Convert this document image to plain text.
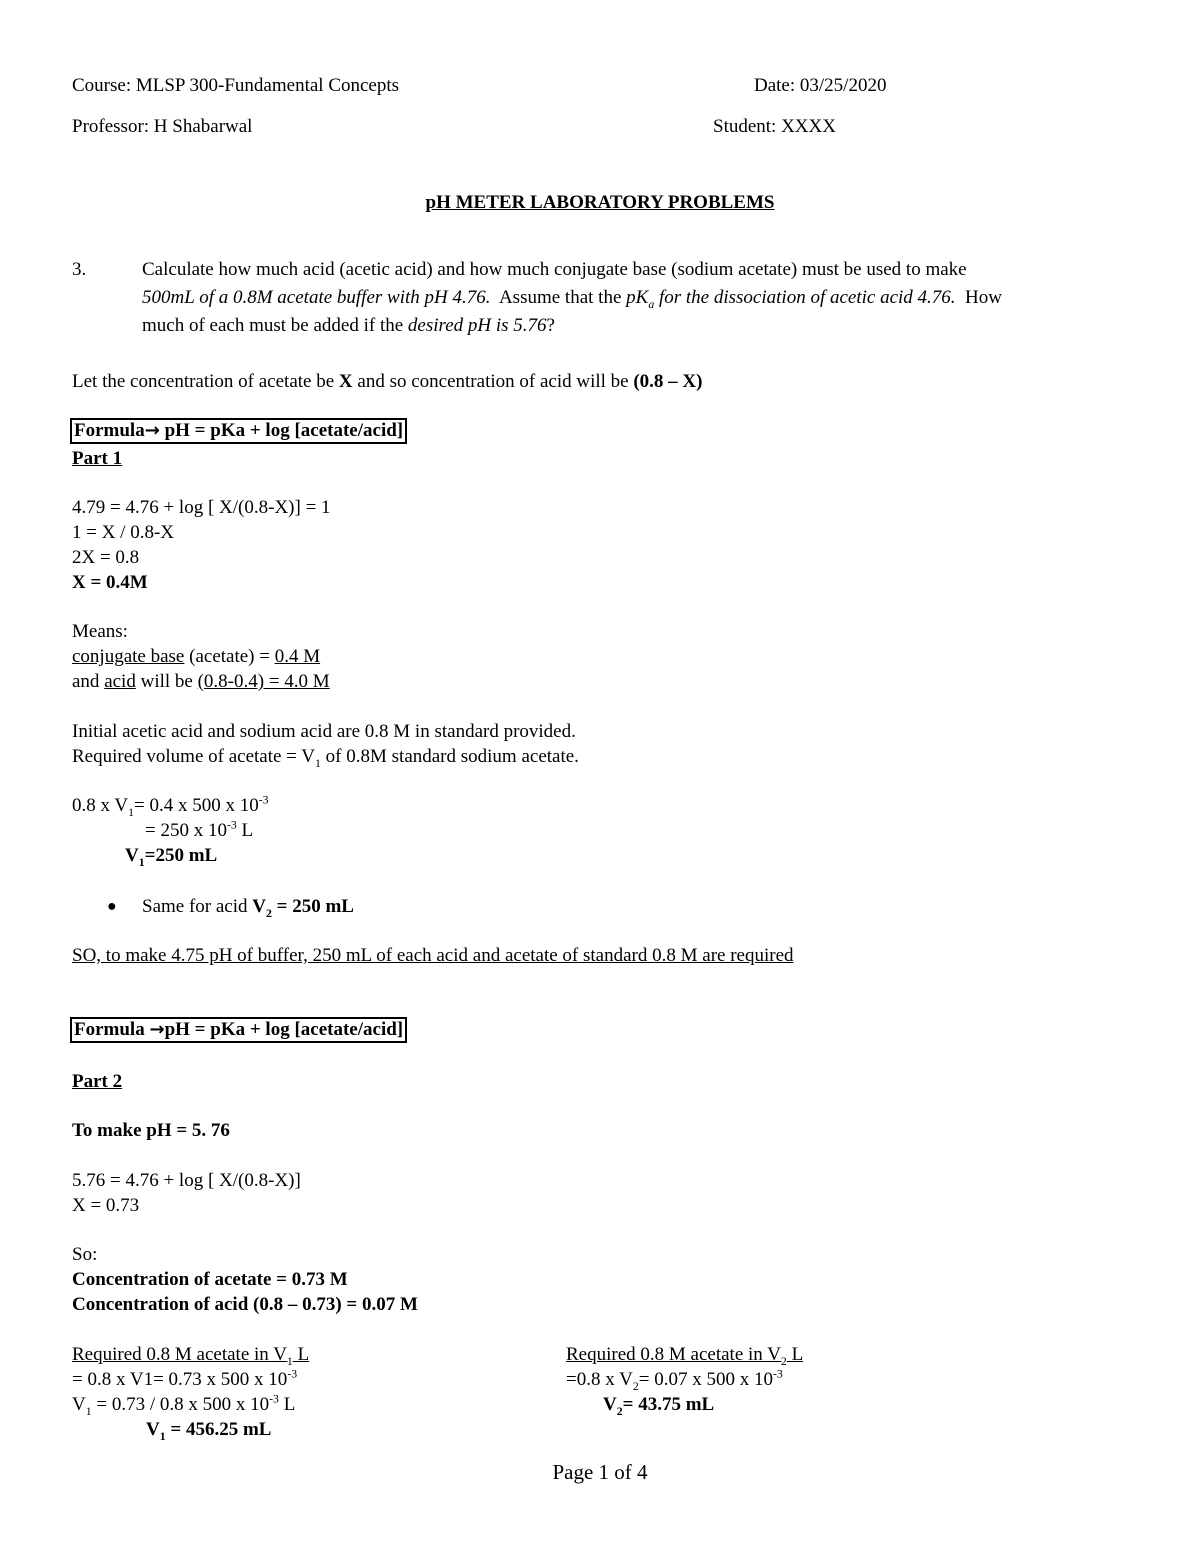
Course: MLSP 300-Fundamental Concepts	Date: 03/25/2020
Professor: H Shabarwal	Student: XXXX
pH METER LABORATORY PROBLEMS
3.	Calculate how much acid (acetic acid) and how much conjugate base (sodium acetate) must be used to make
500mL of a 0.8M acetate buffer with pH 4.76.  Assume that the $pK_a$ for the dissociation of acetic acid 4.76.  How
much of each must be added if the desired pH is 5.76?
Let the concentration of acetate be X and so concentration of acid will be (0.8 – X)
Formula→ pH = pKa + log [acetate/acid]
Part 1
4.79 = 4.76 + log [ X/(0.8-X)] = 1
1 = X / 0.8-X
2X = 0.8
X = 0.4M
Means:
conjugate base (acetate) = 0.4 M
and acid will be (0.8-0.4) = 4.0 M
Initial acetic acid and sodium acid are 0.8 M in standard provided.
Required volume of acetate = $V_1$ of 0.8M standard sodium acetate.
0.8 x $V_1= 0.4$ x 500 x $10^{-3}$
= 250 x $10^{-3}$ L
$V_1=250$ mL
● Same for acid $V_2 = 250$ mL
SO, to make 4.75 pH of buffer, 250 mL of each acid and acetate of standard 0.8 M are required
Formula →pH = pKa + log [acetate/acid]
Part 2
To make pH = 5. 76
5.76 = 4.76 + log [ X/(0.8-X)]
X = 0.73
So:
Concentration of acetate = 0.73 M
Concentration of acid (0.8 – 0.73) = 0.07 M
Required 0.8 M acetate in $V_1$ L
= 0.8 x V1= 0.73 x 500 x $10^{-3}$
$V_1 = 0.73 / 0.8$ x 500 x $10^{-3}$ L
$V_1 = 456.25$ mL
Required 0.8 M acetate in $V_2$ L
=0.8 x $V_2= 0.07$ x 500 x $10^{-3}$
$V_2= 43.75$ mL
Page 1 of 4
